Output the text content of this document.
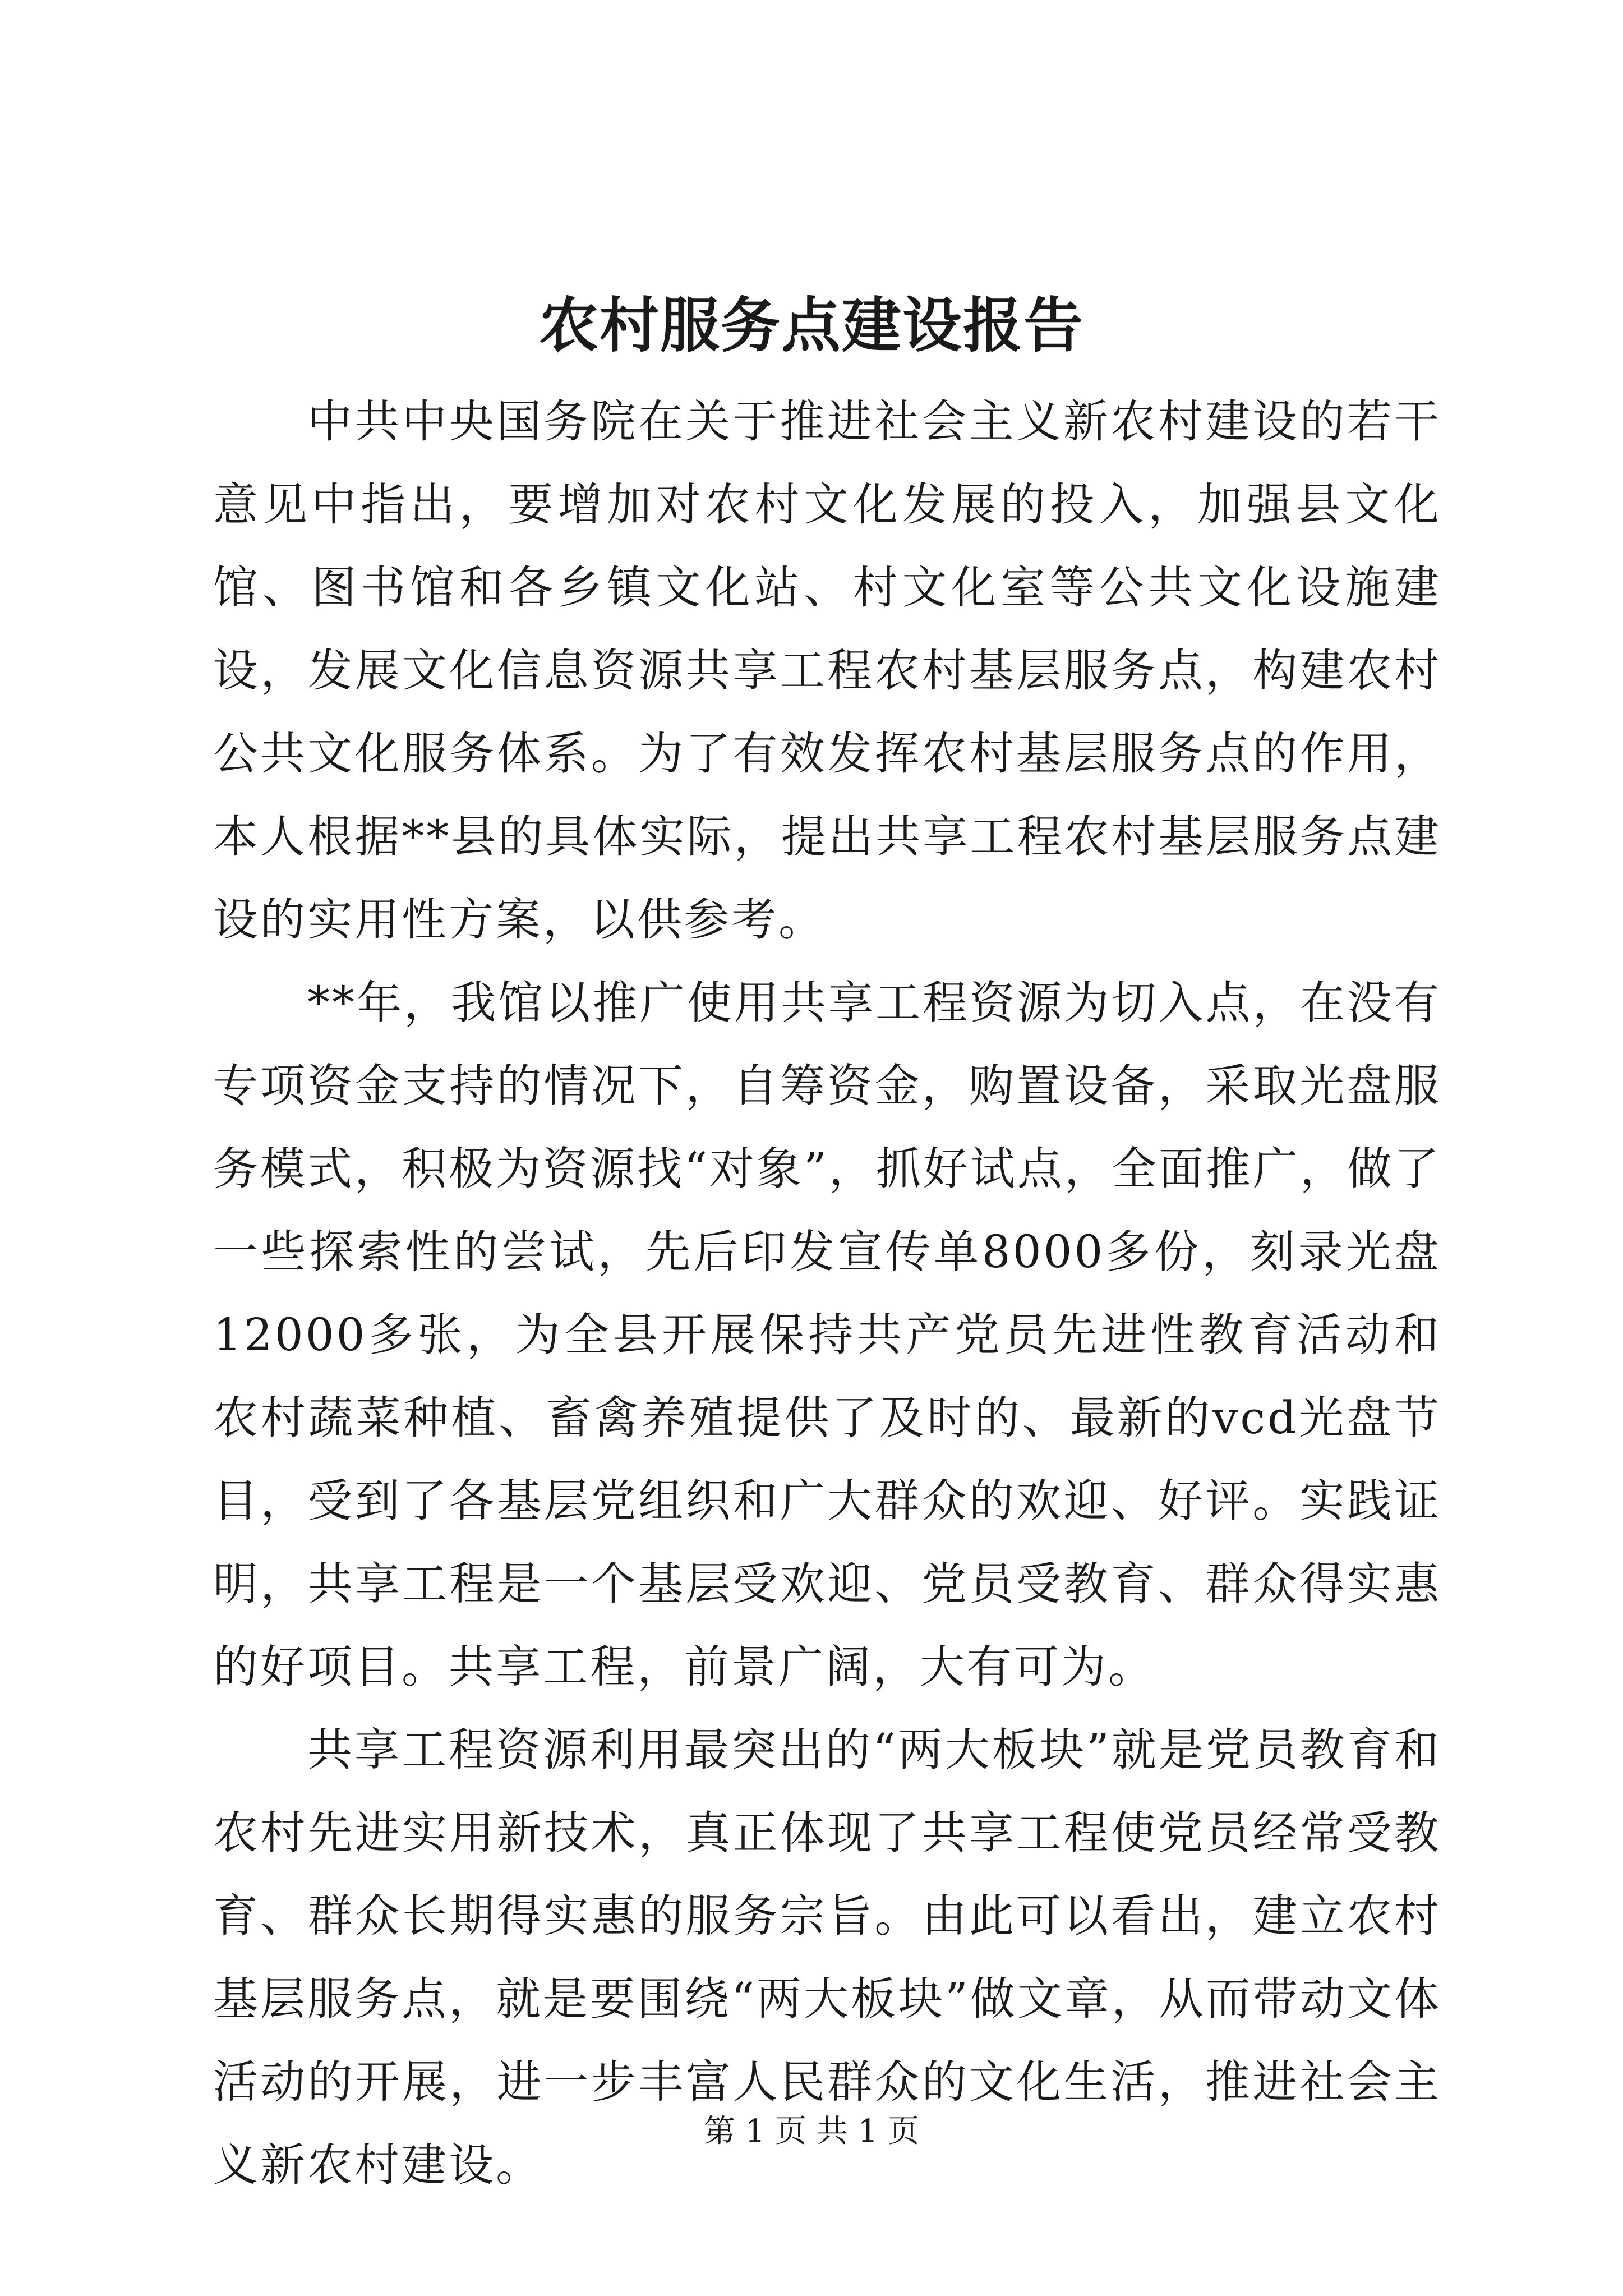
农村服务点建设报告

中共中央国务院在关于推进社会主义新农村建设的若干意见中指出，要增加对农村文化发展的投入，加强县文化馆、图书馆和各乡镇文化站、村文化室等公共文化设施建设，发展文化信息资源共享工程农村基层服务点，构建农村公共文化服务体系。为了有效发挥农村基层服务点的作用，本人根据**县的具体实际，提出共享工程农村基层服务点建设的实用性方案，以供参考。

**年，我馆以推广使用共享工程资源为切入点，在没有专项资金支持的情况下，自筹资金，购置设备，采取光盘服务模式，积极为资源找“对象”，抓好试点，全面推广，做了一些探索性的尝试，先后印发宣传单8000多份，刻录光盘12000多张，为全县开展保持共产党员先进性教育活动和农村蔬菜种植、畜禽养殖提供了及时的、最新的vcd光盘节目，受到了各基层党组织和广大群众的欢迎、好评。实践证明，共享工程是一个基层受欢迎、党员受教育、群众得实惠的好项目。共享工程，前景广阔，大有可为。

共享工程资源利用最突出的“两大板块”就是党员教育和农村先进实用新技术，真正体现了共享工程使党员经常受教育、群众长期得实惠的服务宗旨。由此可以看出，建立农村基层服务点，就是要围绕“两大板块”做文章，从而带动文体活动的开展，进一步丰富人民群众的文化生活，推进社会主义新农村建设。

第 1 页 共 1 页
